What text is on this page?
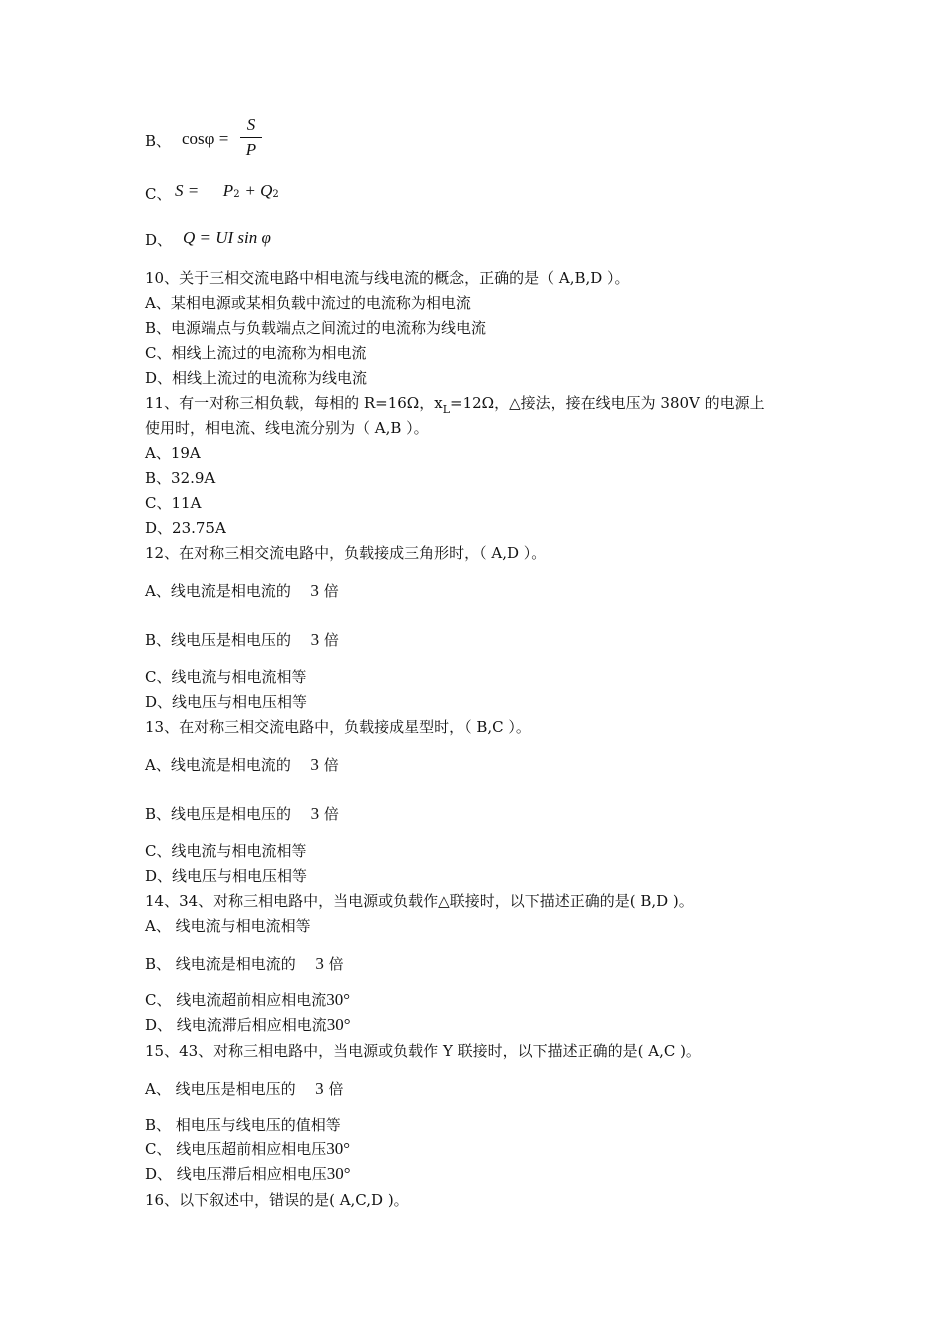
B、 cosφ =
S
P
C、 S = P2 + Q2
D、 Q = UI sin φ
10、关于三相交流电路中相电流与线电流的概念，正确的是（ A,B,D ）。
A、某相电源或某相负载中流过的电流称为相电流
B、电源端点与负载端点之间流过的电流称为线电流
C、相线上流过的电流称为相电流
D、相线上流过的电流称为线电流
11、有一对称三相负载，每相的 R=16Ω，$x_L=12\Omega$，△接法，接在线电压为 380V 的电源上
使用时，相电流、线电流分别为（ A,B ）。
A、19A
B、32.9A
C、11A
D、23.75A
12、在对称三相交流电路中，负载接成三角形时，（ A,D ）。
A、线电流是相电流的 3 倍
B、线电压是相电压的 3 倍
C、线电流与相电流相等
D、线电压与相电压相等
13、在对称三相交流电路中，负载接成星型时，（ B,C ）。
A、线电流是相电流的 3 倍
B、线电压是相电压的 3 倍
C、线电流与相电流相等
D、线电压与相电压相等
14、34、对称三相电路中，当电源或负载作△联接时，以下描述正确的是( B,D )。
A、 线电流与相电流相等
B、 线电流是相电流的 3 倍
C、 线电流超前相应相电流30°
D、 线电流滞后相应相电流30°
15、43、对称三相电路中，当电源或负载作 Y 联接时，以下描述正确的是( A,C )。
A、 线电压是相电压的 3 倍
B、 相电压与线电压的值相等
C、 线电压超前相应相电压30°
D、 线电压滞后相应相电压30°
16、以下叙述中，错误的是( A,C,D )。
